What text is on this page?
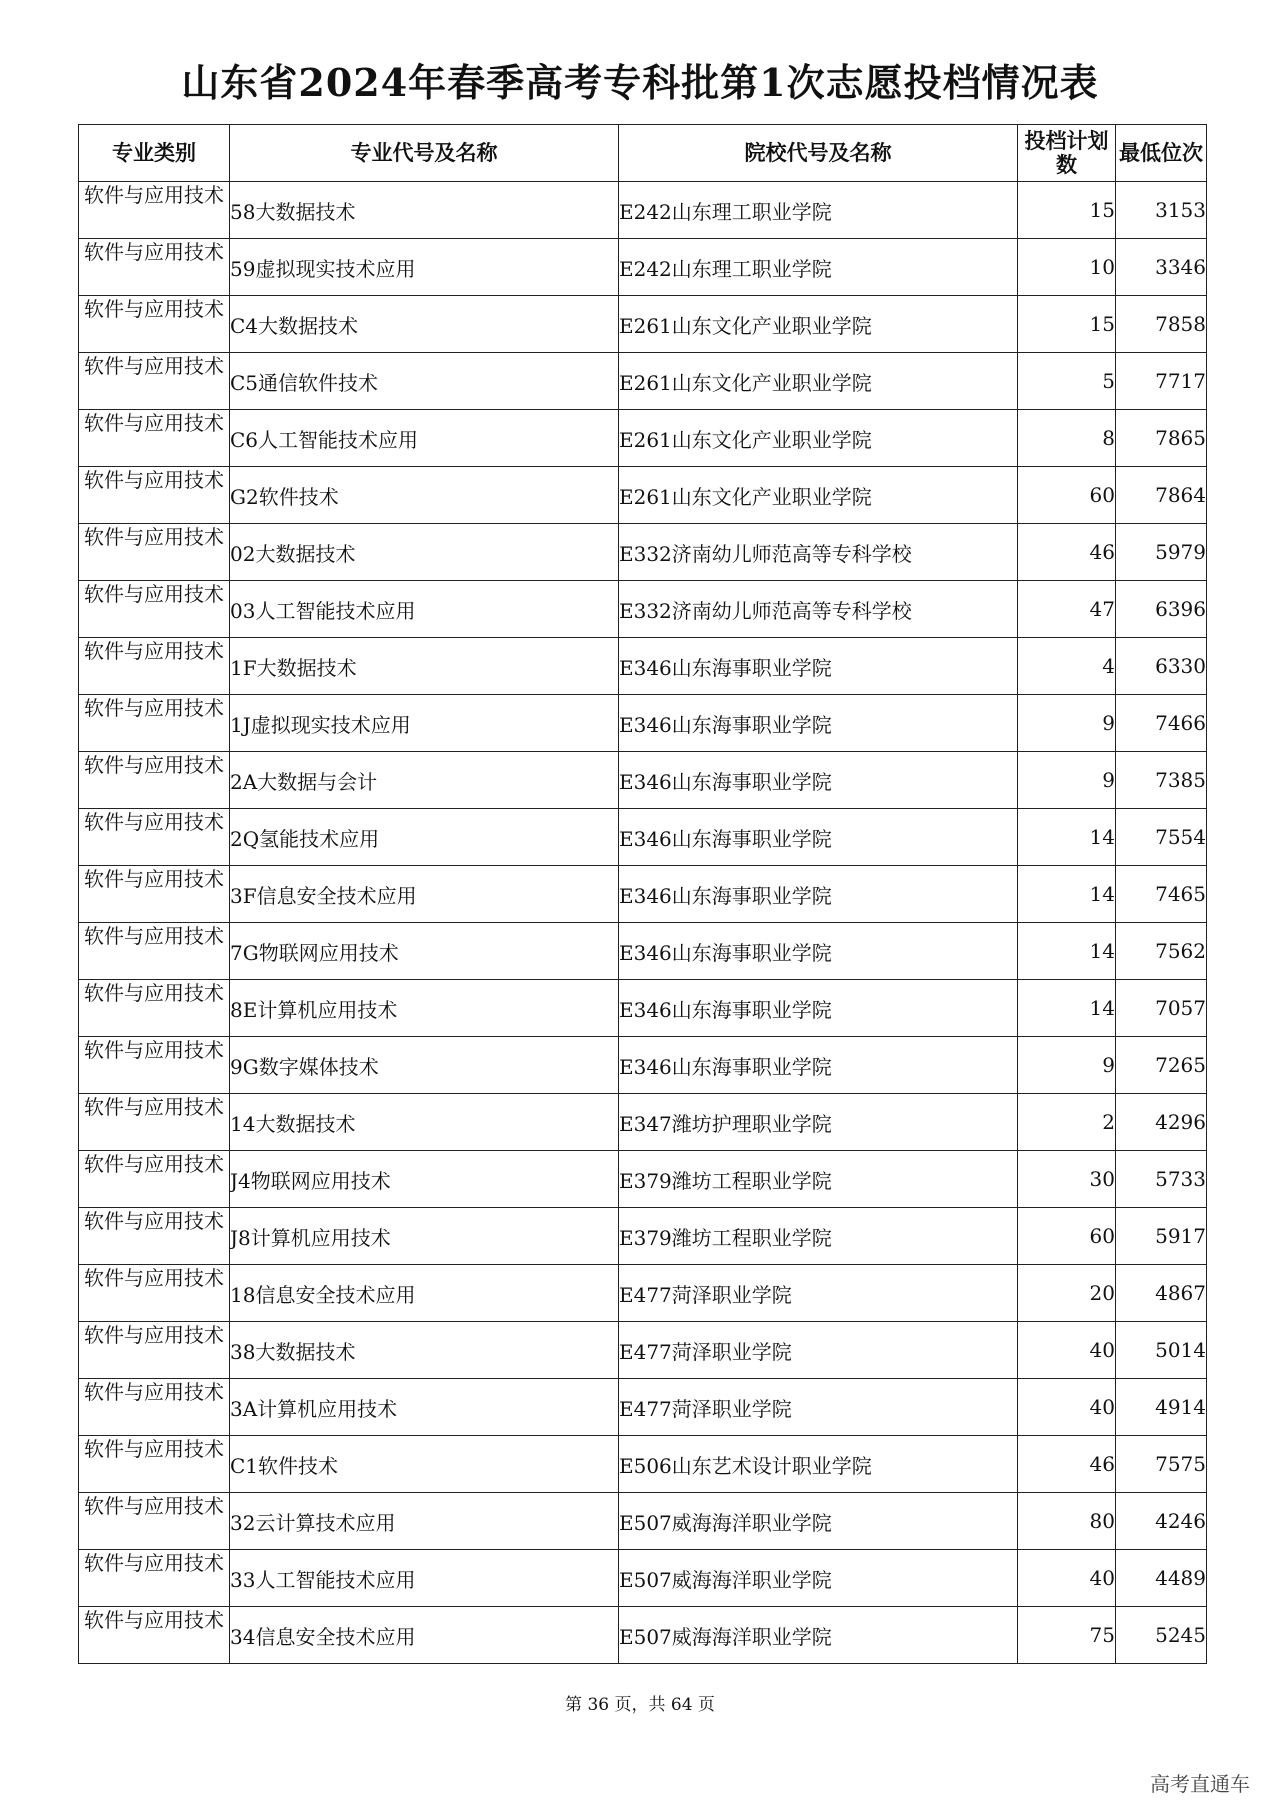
山东省2024年春季高考专科批第1次志愿投档情况表
专业类别	专业代号及名称	院校代号及名称	投档计划数	最低位次
软件与应用技术	58大数据技术	E242山东理工职业学院	15	3153
软件与应用技术	59虚拟现实技术应用	E242山东理工职业学院	10	3346
软件与应用技术	C4大数据技术	E261山东文化产业职业学院	15	7858
软件与应用技术	C5通信软件技术	E261山东文化产业职业学院	5	7717
软件与应用技术	C6人工智能技术应用	E261山东文化产业职业学院	8	7865
软件与应用技术	G2软件技术	E261山东文化产业职业学院	60	7864
软件与应用技术	02大数据技术	E332济南幼儿师范高等专科学校	46	5979
软件与应用技术	03人工智能技术应用	E332济南幼儿师范高等专科学校	47	6396
软件与应用技术	1F大数据技术	E346山东海事职业学院	4	6330
软件与应用技术	1J虚拟现实技术应用	E346山东海事职业学院	9	7466
软件与应用技术	2A大数据与会计	E346山东海事职业学院	9	7385
软件与应用技术	2Q氢能技术应用	E346山东海事职业学院	14	7554
软件与应用技术	3F信息安全技术应用	E346山东海事职业学院	14	7465
软件与应用技术	7G物联网应用技术	E346山东海事职业学院	14	7562
软件与应用技术	8E计算机应用技术	E346山东海事职业学院	14	7057
软件与应用技术	9G数字媒体技术	E346山东海事职业学院	9	7265
软件与应用技术	14大数据技术	E347潍坊护理职业学院	2	4296
软件与应用技术	J4物联网应用技术	E379潍坊工程职业学院	30	5733
软件与应用技术	J8计算机应用技术	E379潍坊工程职业学院	60	5917
软件与应用技术	18信息安全技术应用	E477菏泽职业学院	20	4867
软件与应用技术	38大数据技术	E477菏泽职业学院	40	5014
软件与应用技术	3A计算机应用技术	E477菏泽职业学院	40	4914
软件与应用技术	C1软件技术	E506山东艺术设计职业学院	46	7575
软件与应用技术	32云计算技术应用	E507威海海洋职业学院	80	4246
软件与应用技术	33人工智能技术应用	E507威海海洋职业学院	40	4489
软件与应用技术	34信息安全技术应用	E507威海海洋职业学院	75	5245
第 36 页，共 64 页
高考直通车
